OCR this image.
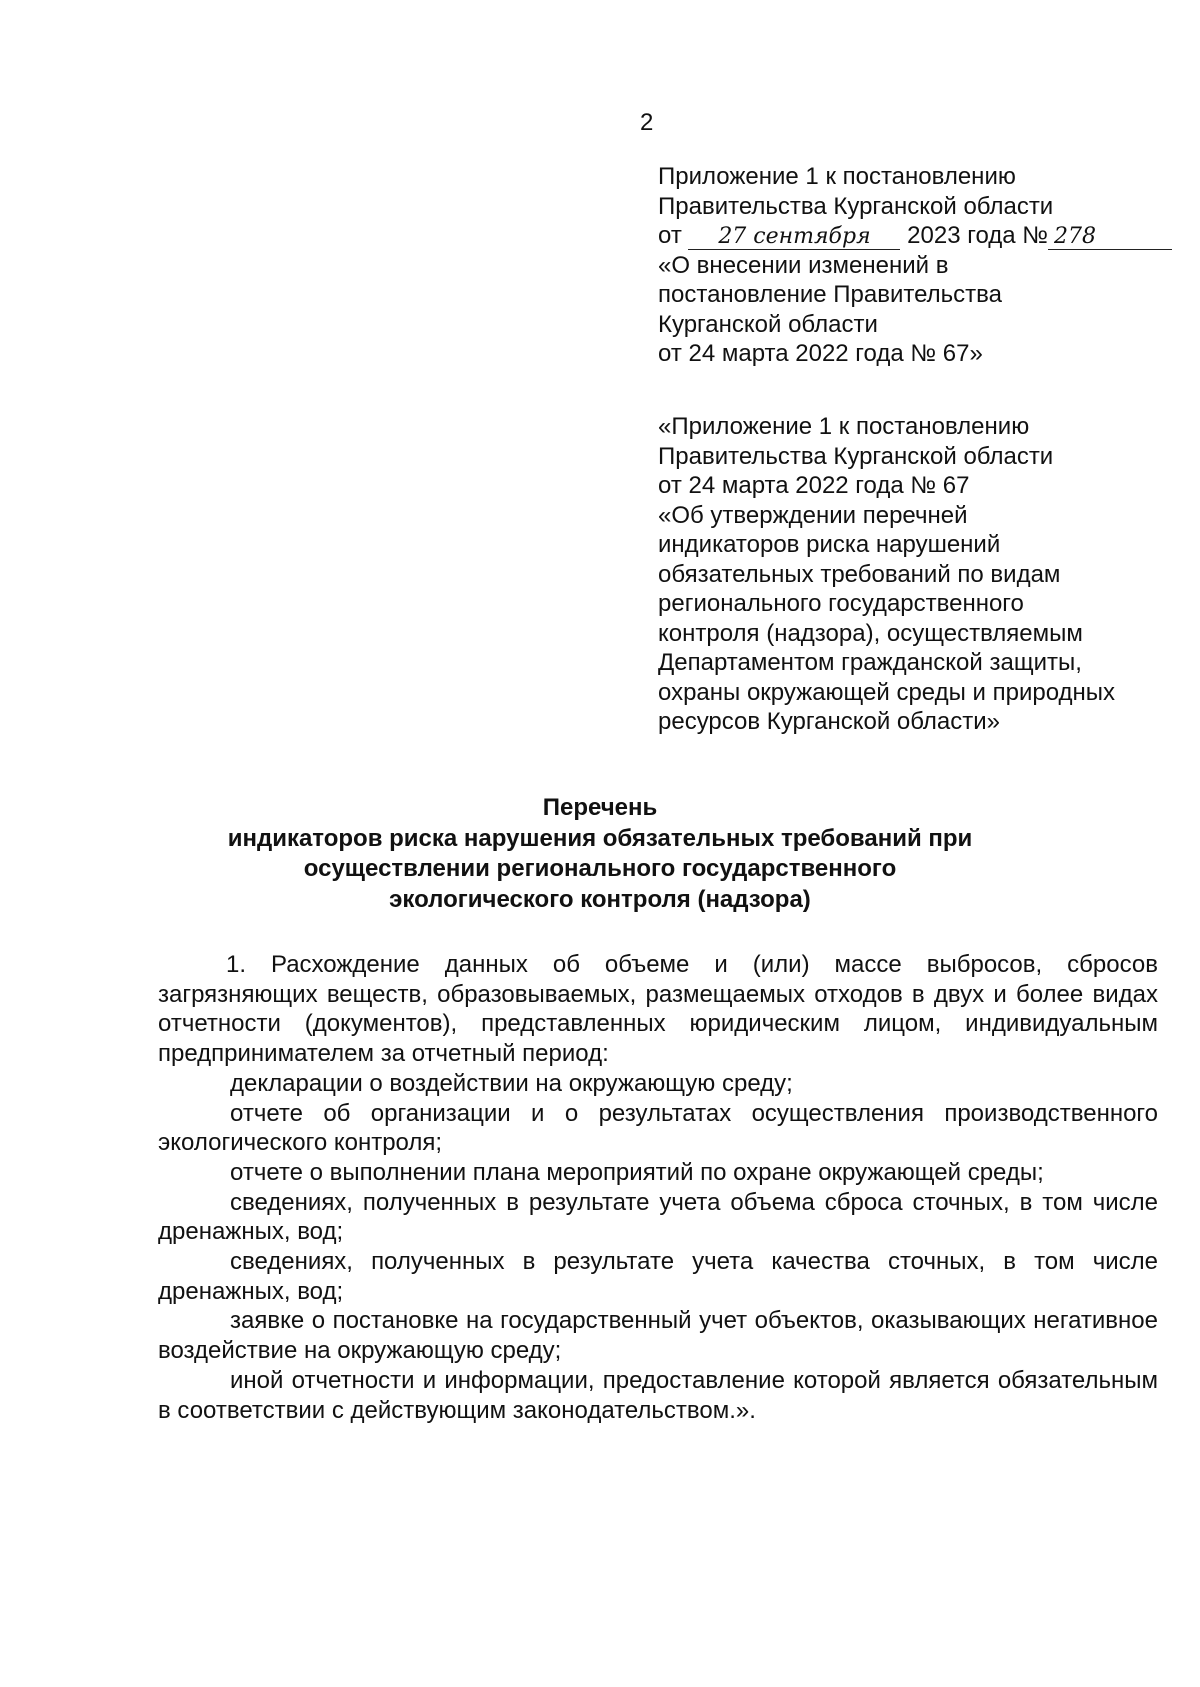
2
Приложение 1 к постановлению
Правительства Курганской области
от 27 сентября 2023 года № 278
«О внесении изменений в
постановление Правительства
Курганской области
от 24 марта 2022 года № 67»
«Приложение 1 к постановлению
Правительства Курганской области
от 24 марта 2022 года № 67
«Об утверждении перечней
индикаторов риска нарушений
обязательных требований по видам
регионального государственного
контроля (надзора), осуществляемым
Департаментом гражданской защиты,
охраны окружающей среды и природных
ресурсов Курганской области»
Перечень
индикаторов риска нарушения обязательных требований при
осуществлении регионального государственного
экологического контроля (надзора)

1. Расхождение данных об объеме и (или) массе выбросов, сбросов загрязняющих веществ, образовываемых, размещаемых отходов в двух и более видах отчетности (документов), представленных юридическим лицом, индивидуальным предпринимателем за отчетный период:

декларации о воздействии на окружающую среду;

отчете об организации и о результатах осуществления производственного экологического контроля;

отчете о выполнении плана мероприятий по охране окружающей среды;

сведениях, полученных в результате учета объема сброса сточных, в том числе дренажных, вод;

сведениях, полученных в результате учета качества сточных, в том числе дренажных, вод;

заявке о постановке на государственный учет объектов, оказывающих негативное воздействие на окружающую среду;

иной отчетности и информации, предоставление которой является обязательным в соответствии с действующим законодательством.».
